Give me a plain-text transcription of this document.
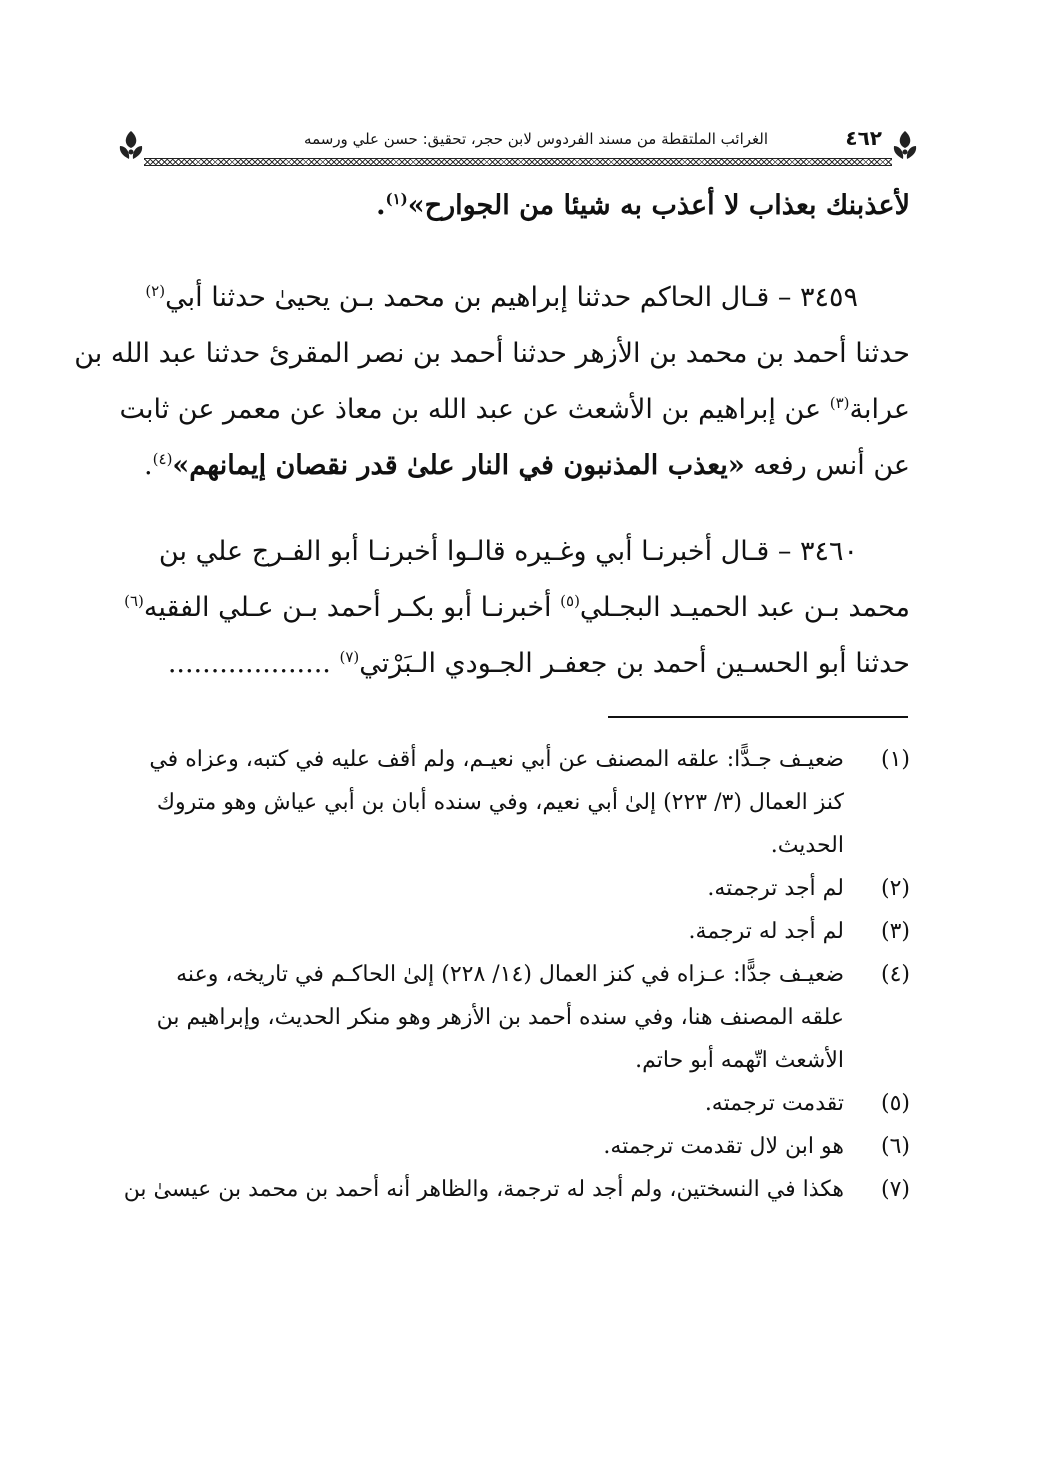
٤٦٢
الغرائب الملتقطة من مسند الفردوس لابن حجر، تحقيق: حسن علي ورسمه
لأعذبنك بعذاب لا أعذب به شيئا من الجوارح»$^{(١)}$.
٣٤٥٩ – قـال الحاكم حدثنا إبراهيم بن محمد بـن يحيىٰ حدثنا أبي$^{(٢)}$
حدثنا أحمد بن محمد بن الأزهر حدثنا أحمد بن نصر المقرئ حدثنا عبد الله بن
عرابة$^{(٣)}$ عن إبراهيم بن الأشعث عن عبد الله بن معاذ عن معمر عن ثابت
عن أنس رفعه «يعذب المذنبون في النار علىٰ قدر نقصان إيمانهم»$^{(٤)}$.
٣٤٦٠ – قـال أخبرنـا أبي وغـيره قالـوا أخبرنـا أبو الفـرج علي بن
محمد بـن عبد الحميـد البجـلي$^{(٥)}$ أخبرنـا أبو بكـر أحمد بـن عـلي الفقيه$^{(٦)}$
حدثنا أبو الحسـين أحمد بن جعفـر الجـودي الـبَرْتي$^{(٧)}$ ...................
(١)
ضعيـف جـدًّا: علقه المصنف عن أبي نعيـم، ولم أقف عليه في كتبه، وعزاه في
كنز العمال (٣/ ٢٢٣) إلىٰ أبي نعيم، وفي سنده أبان بن أبي عياش وهو متروك
الحديث.
(٢)
لم أجد ترجمته.
(٣)
لم أجد له ترجمة.
(٤)
ضعيـف جدًّا: عـزاه في كنز العمال (١٤/ ٢٢٨) إلىٰ الحاكـم في تاريخه، وعنه
علقه المصنف هنا، وفي سنده أحمد بن الأزهر وهو منكر الحديث، وإبراهيم بن
الأشعث اتّهمه أبو حاتم.
(٥)
تقدمت ترجمته.
(٦)
هو ابن لال تقدمت ترجمته.
(٧)
هكذا في النسختين، ولم أجد له ترجمة، والظاهر أنه أحمد بن محمد بن عيسىٰ بن
